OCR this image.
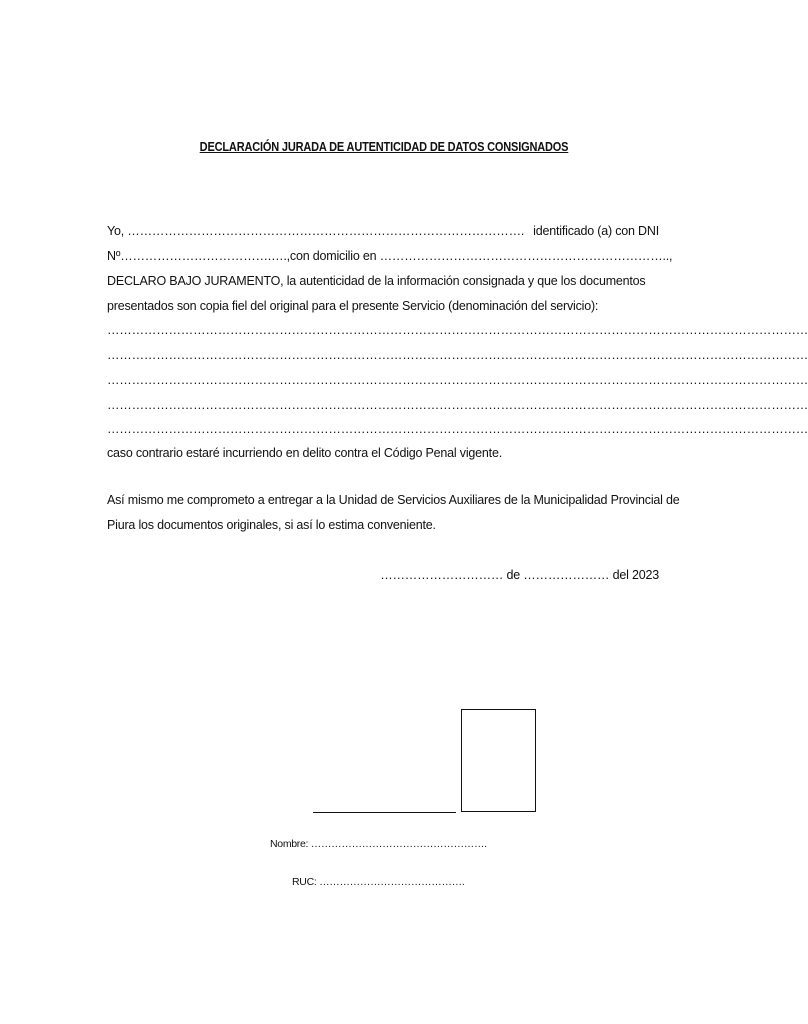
DECLARACIÓN JURADA DE AUTENTICIDAD DE DATOS CONSIGNADOS
Yo, ……………………………………………………………………………………. identificado (a) con DNI
Nº……………………………….….,con domicilio en ……………………………………………………………..,
DECLARO BAJO JURAMENTO, la autenticidad de la información consignada y que los documentos
presentados son copia fiel del original para el presente Servicio (denominación del servicio):
………………………………………………………………………………………………………………………………………………………
………………………………………………………………………………………………………………………………………………………
………………………………………………………………………………………………………………………………………………………
………………………………………………………………………………………………………………………………………………………
………………………………………………………………………………………………………………………………………………………
caso contrario estaré incurriendo en delito contra el Código Penal vigente.
Así mismo me comprometo a entregar a la Unidad de Servicios Auxiliares de la Municipalidad Provincial de
Piura los documentos originales, si así lo estima conveniente.
………………………… de ………………… del 2023
Nombre: …………………………………………….
RUC: …………………………………….
